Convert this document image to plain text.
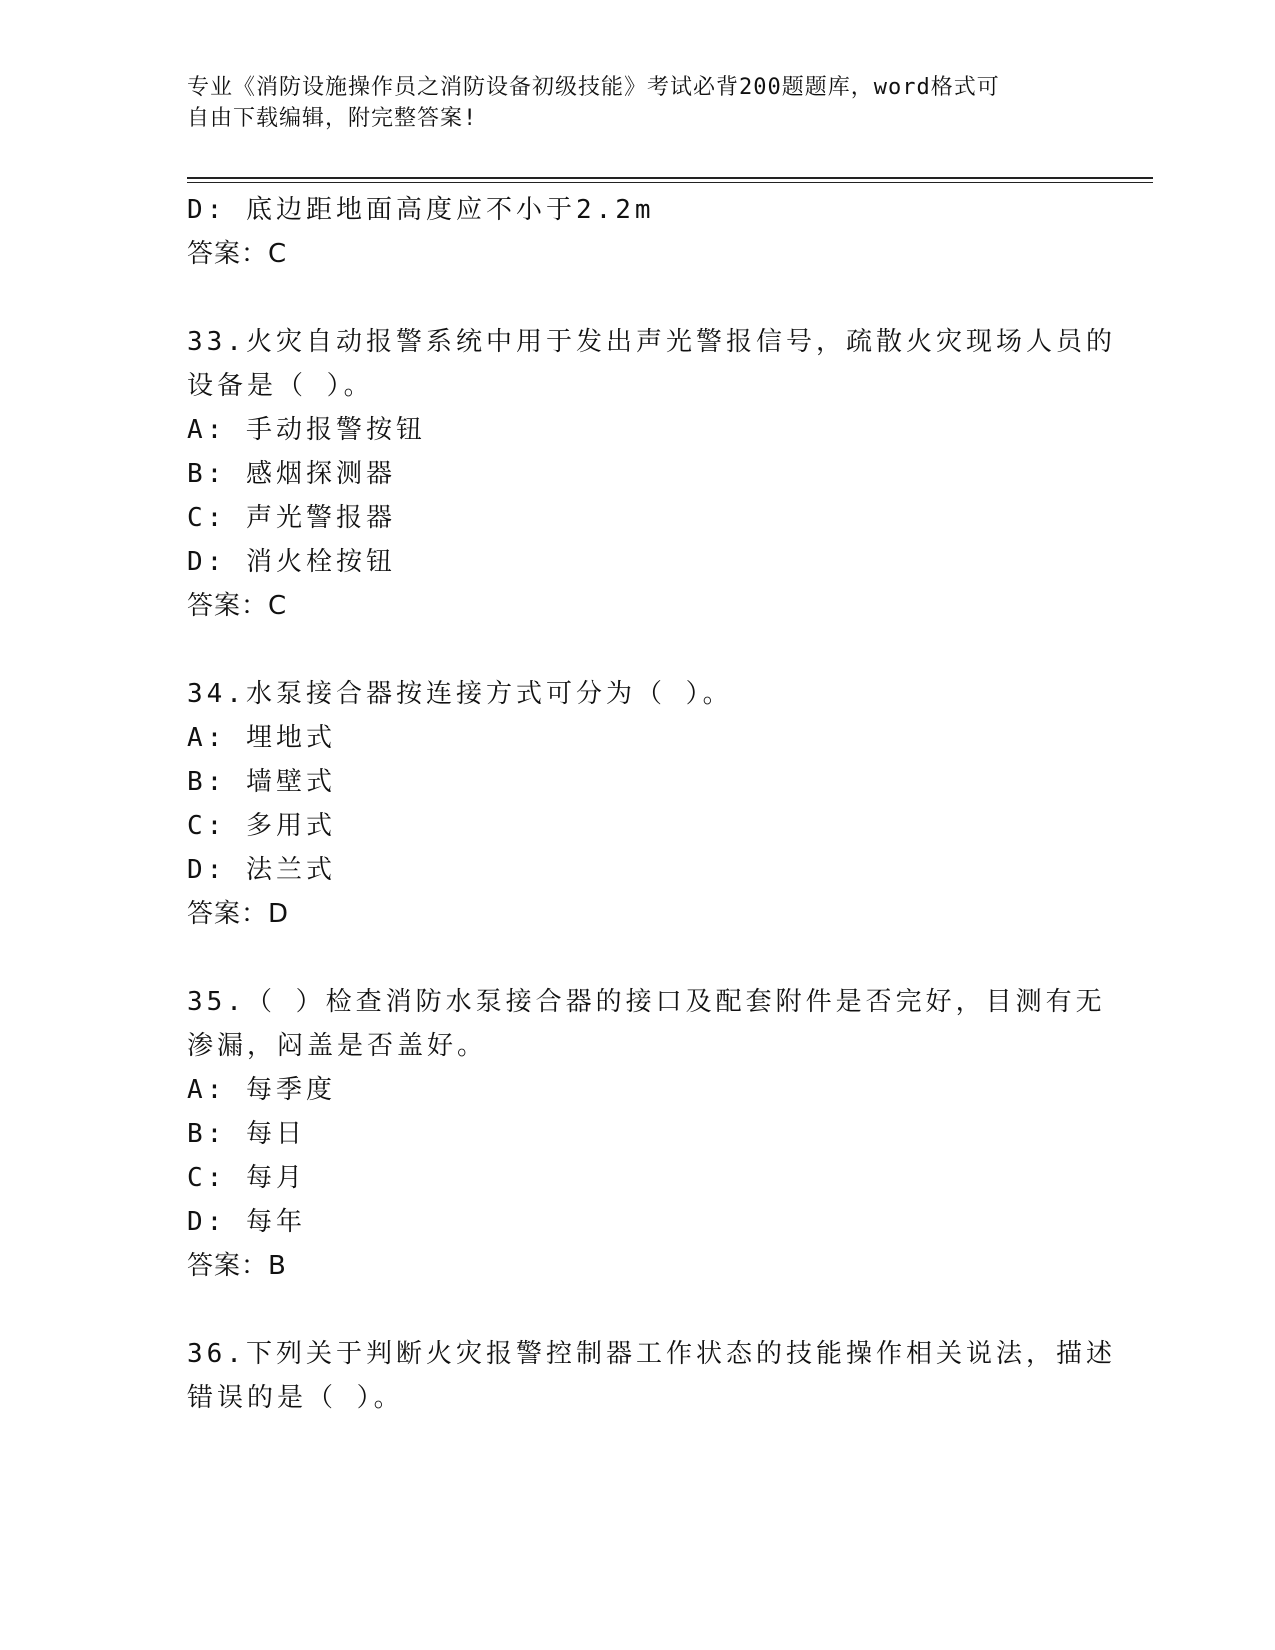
专业《消防设施操作员之消防设备初级技能》考试必背200题题库，word格式可
自由下载编辑，附完整答案!
D: 底边距地面高度应不小于2.2m
答案：C
33.火灾自动报警系统中用于发出声光警报信号，疏散火灾现场人员的
设备是（ ）。
A: 手动报警按钮
B: 感烟探测器
C: 声光警报器
D: 消火栓按钮
答案：C
34.水泵接合器按连接方式可分为（ ）。
A: 埋地式
B: 墙壁式
C: 多用式
D: 法兰式
答案：D
35.（ ）检查消防水泵接合器的接口及配套附件是否完好，目测有无
渗漏，闷盖是否盖好。
A: 每季度
B: 每日
C: 每月
D: 每年
答案：B
36.下列关于判断火灾报警控制器工作状态的技能操作相关说法，描述
错误的是（ ）。
